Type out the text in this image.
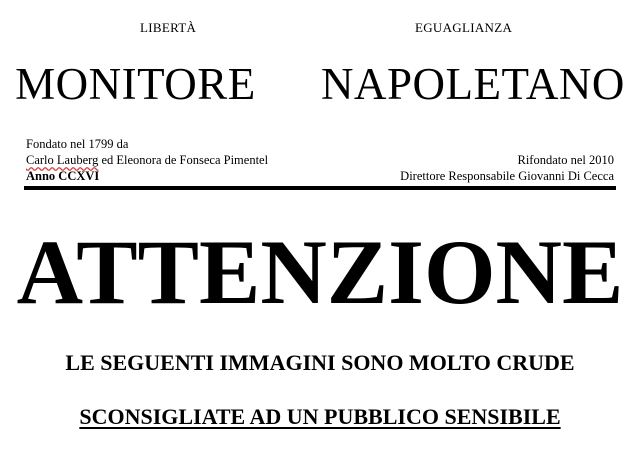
LIBERTÀ	EGUAGLIANZA
MONITORE   NAPOLETANO
Fondato nel 1799 da
Carlo Lauberg ed Eleonora de Fonseca Pimentel
Anno CCXVI
Rifondato nel 2010
Direttore Responsabile Giovanni Di Cecca
ATTENZIONE
LE SEGUENTI IMMAGINI SONO MOLTO CRUDE
SCONSIGLIATE AD UN PUBBLICO SENSIBILE
